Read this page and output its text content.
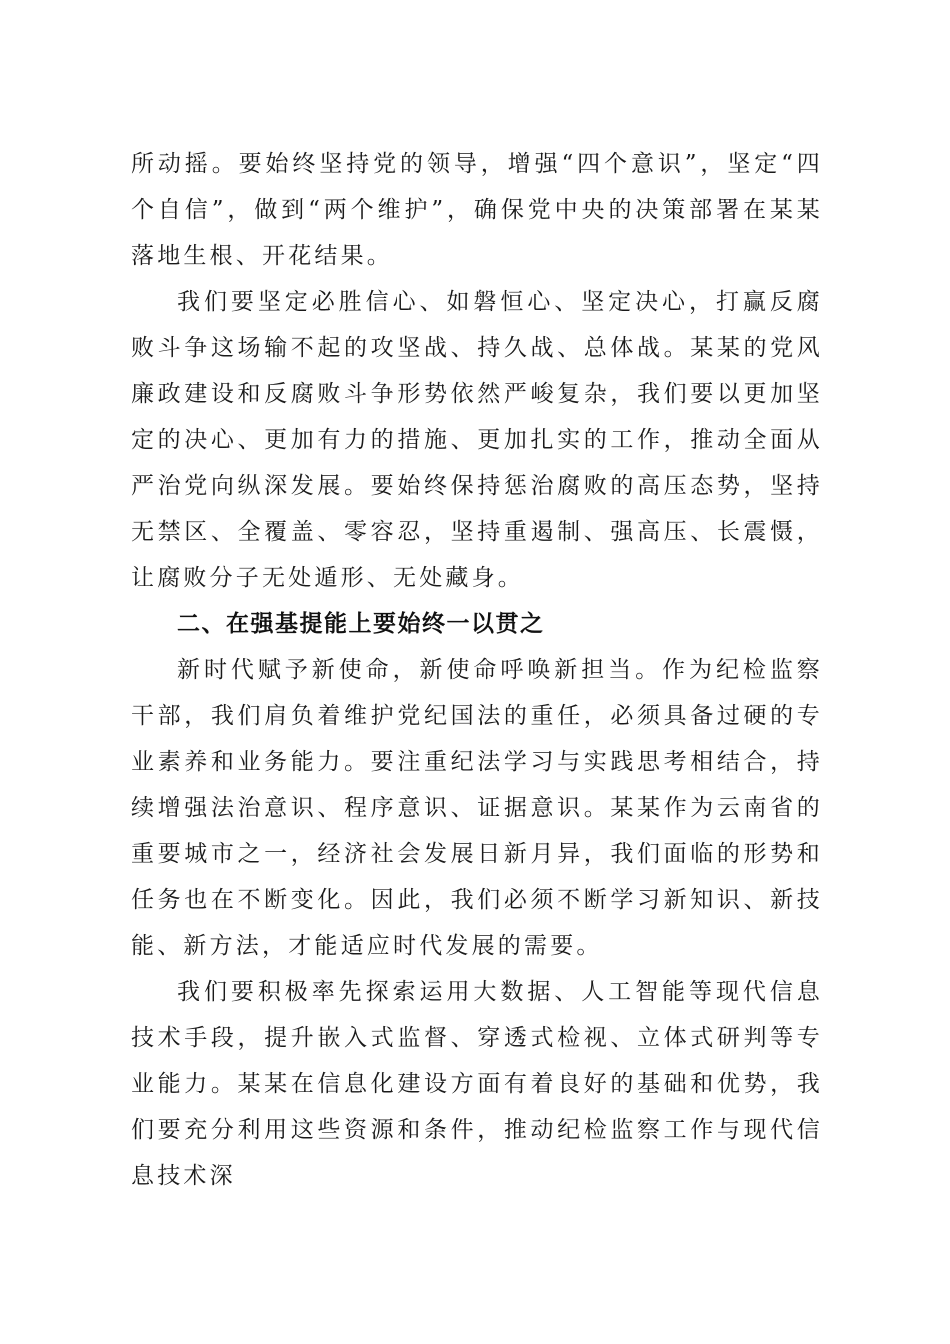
所动摇。要始终坚持党的领导，增强“四个意识”，坚定“四个自信”，做到“两个维护”，确保党中央的决策部署在某某落地生根、开花结果。

我们要坚定必胜信心、如磐恒心、坚定决心，打赢反腐败斗争这场输不起的攻坚战、持久战、总体战。某某的党风廉政建设和反腐败斗争形势依然严峻复杂，我们要以更加坚定的决心、更加有力的措施、更加扎实的工作，推动全面从严治党向纵深发展。要始终保持惩治腐败的高压态势，坚持无禁区、全覆盖、零容忍，坚持重遏制、强高压、长震慑，让腐败分子无处遁形、无处藏身。

二、在强基提能上要始终一以贯之

新时代赋予新使命，新使命呼唤新担当。作为纪检监察干部，我们肩负着维护党纪国法的重任，必须具备过硬的专业素养和业务能力。要注重纪法学习与实践思考相结合，持续增强法治意识、程序意识、证据意识。某某作为云南省的重要城市之一，经济社会发展日新月异，我们面临的形势和任务也在不断变化。因此，我们必须不断学习新知识、新技能、新方法，才能适应时代发展的需要。

我们要积极率先探索运用大数据、人工智能等现代信息技术手段，提升嵌入式监督、穿透式检视、立体式研判等专业能力。某某在信息化建设方面有着良好的基础和优势，我们要充分利用这些资源和条件，推动纪检监察工作与现代信息技术深
